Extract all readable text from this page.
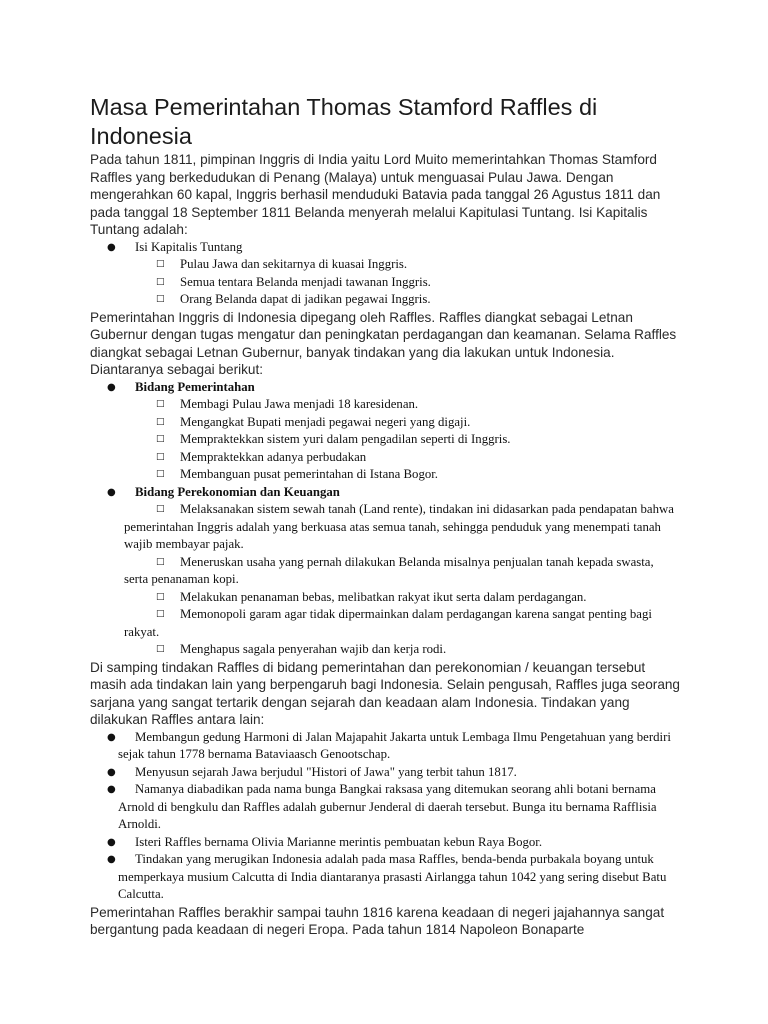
Masa Pemerintahan Thomas Stamford Raffles di Indonesia

Pada tahun 1811, pimpinan Inggris di India yaitu Lord Muito memerintahkan Thomas Stamford Raffles yang berkedudukan di Penang (Malaya) untuk menguasai Pulau Jawa. Dengan mengerahkan 60 kapal, Inggris berhasil menduduki Batavia pada tanggal 26 Agustus 1811 dan pada tanggal 18 September 1811 Belanda menyerah melalui Kapitulasi Tuntang. Isi Kapitalis Tuntang adalah:

● Isi Kapitalis Tuntang

□ Pulau Jawa dan sekitarnya di kuasai Inggris.

□ Semua tentara Belanda menjadi tawanan Inggris.

□ Orang Belanda dapat di jadikan pegawai Inggris.

Pemerintahan Inggris di Indonesia dipegang oleh Raffles. Raffles diangkat sebagai Letnan Gubernur dengan tugas mengatur dan peningkatan perdagangan dan keamanan. Selama Raffles diangkat sebagai Letnan Gubernur, banyak tindakan yang dia lakukan untuk Indonesia. Diantaranya sebagai berikut:

● Bidang Pemerintahan

□ Membagi Pulau Jawa menjadi 18 karesidenan.

□ Mengangkat Bupati menjadi pegawai negeri yang digaji.

□ Mempraktekkan sistem yuri dalam pengadilan seperti di Inggris.

□ Mempraktekkan adanya perbudakan

□ Membanguan pusat pemerintahan di Istana Bogor.

● Bidang Perekonomian dan Keuangan

□ Melaksanakan sistem sewah tanah (Land rente), tindakan ini didasarkan pada pendapatan bahwa pemerintahan Inggris adalah yang berkuasa atas semua tanah, sehingga penduduk yang menempati tanah wajib membayar pajak.

□ Meneruskan usaha yang pernah dilakukan Belanda misalnya penjualan tanah kepada swasta, serta penanaman kopi.

□ Melakukan penanaman bebas, melibatkan rakyat ikut serta dalam perdagangan.

□ Memonopoli garam agar tidak dipermainkan dalam perdagangan karena sangat penting bagi rakyat.

□ Menghapus sagala penyerahan wajib dan kerja rodi.

Di samping tindakan Raffles di bidang pemerintahan dan perekonomian / keuangan tersebut masih ada tindakan lain yang berpengaruh bagi Indonesia. Selain pengusah, Raffles juga seorang sarjana yang sangat tertarik dengan sejarah dan keadaan alam Indonesia. Tindakan yang dilakukan Raffles antara lain:

● Membangun gedung Harmoni di Jalan Majapahit Jakarta untuk Lembaga Ilmu Pengetahuan yang berdiri sejak tahun 1778 bernama Bataviaasch Genootschap.

● Menyusun sejarah Jawa berjudul "Histori of Jawa" yang terbit tahun 1817.

● Namanya diabadikan pada nama bunga Bangkai raksasa yang ditemukan seorang ahli botani bernama Arnold di bengkulu dan Raffles adalah gubernur Jenderal di daerah tersebut. Bunga itu bernama Rafflisia Arnoldi.

● Isteri Raffles bernama Olivia Marianne merintis pembuatan kebun Raya Bogor.

● Tindakan yang merugikan Indonesia adalah pada masa Raffles, benda-benda purbakala boyang untuk memperkaya musium Calcutta di India diantaranya prasasti Airlangga tahun 1042 yang sering disebut Batu Calcutta.

Pemerintahan Raffles berakhir sampai tauhn 1816 karena keadaan di negeri jajahannya sangat bergantung pada keadaan di negeri Eropa. Pada tahun 1814 Napoleon Bonaparte
